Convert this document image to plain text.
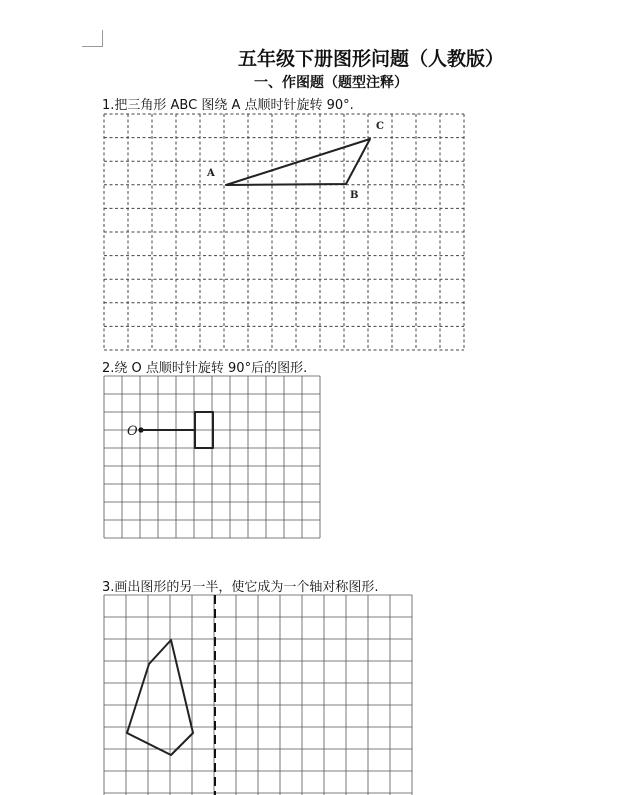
五年级下册图形问题（人教版）
一、作图题（题型注释）
1.把三角形 ABC 图绕 A 点顺时针旋转 90°.
A
B
C
2.绕 O 点顺时针旋转 90°后的图形.
O
3.画出图形的另一半，使它成为一个轴对称图形.
